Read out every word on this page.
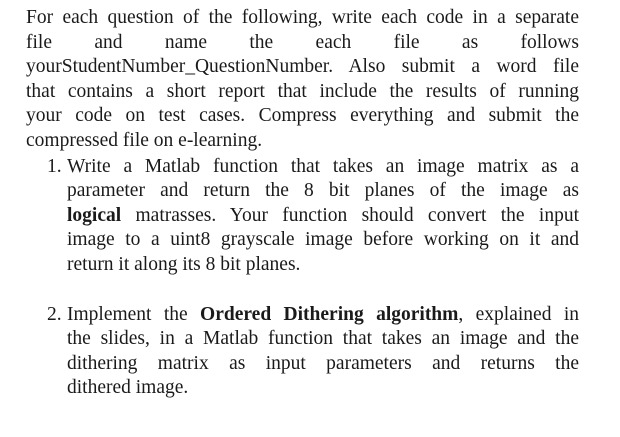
For each question of the following, write each code in a separate
file and name the each file as follows
yourStudentNumber_QuestionNumber. Also submit a word file
that contains a short report that include the results of running
your code on test cases. Compress everything and submit the
compressed file on e-learning.

1. Write a Matlab function that takes an image matrix as a
parameter and return the 8 bit planes of the image as
logical matrasses. Your function should convert the input
image to a uint8 grayscale image before working on it and
return it along its 8 bit planes.
2. Implement the Ordered Dithering algorithm, explained in
the slides, in a Matlab function that takes an image and the
dithering matrix as input parameters and returns the
dithered image.
